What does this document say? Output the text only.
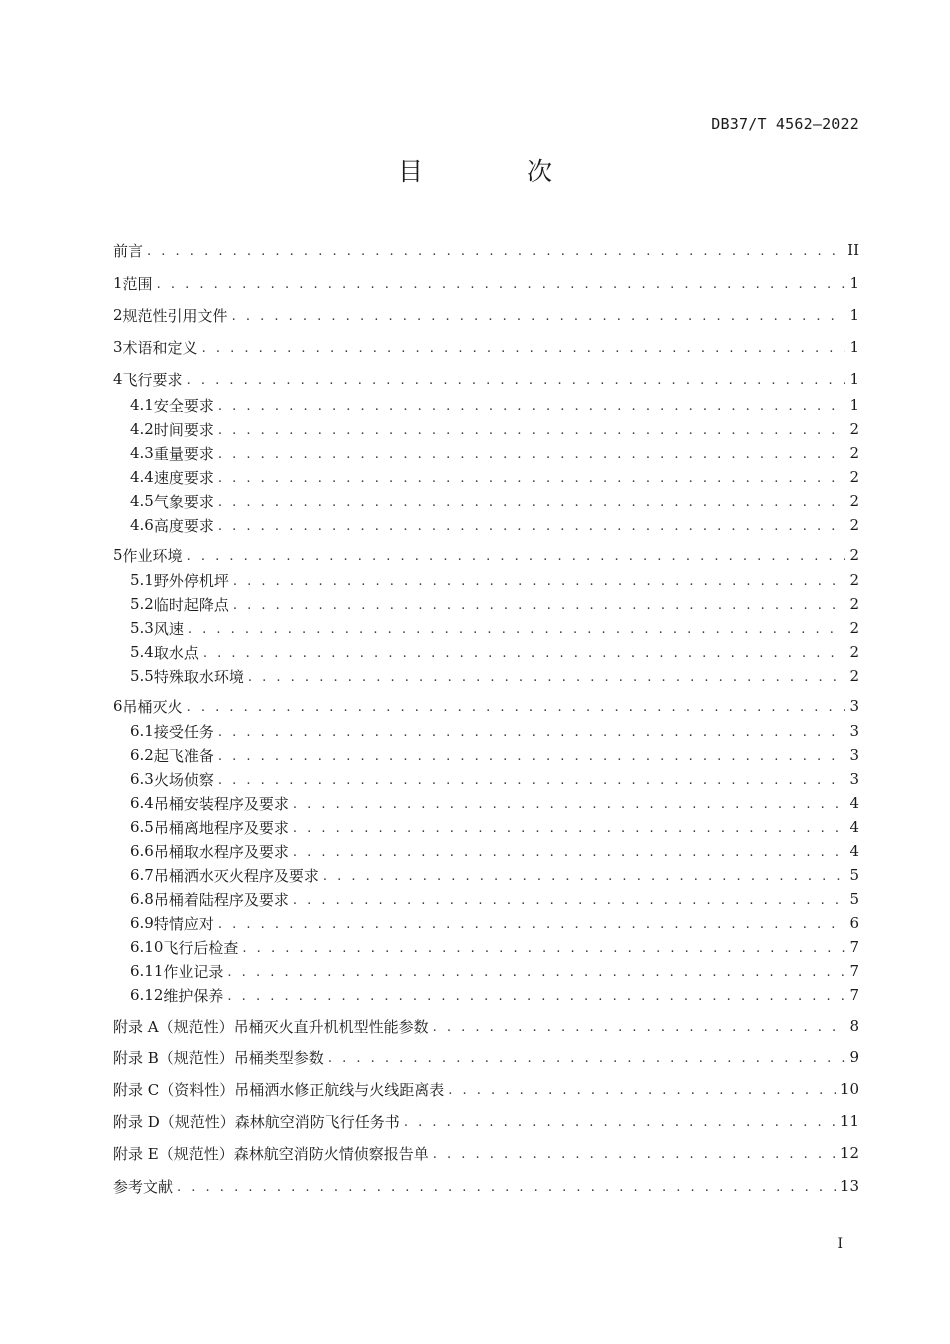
DB37/T 4562—2022
目 次
前言 . . .	II
1 范围 . . .	1
2 规范性引用文件 . . .	1
3 术语和定义 . . .	1
4 飞行要求 . . .	1
4.1 安全要求 . . .	1
4.2 时间要求 . . .	2
4.3 重量要求 . . .	2
4.4 速度要求 . . .	2
4.5 气象要求 . . .	2
4.6 高度要求 . . .	2
5 作业环境 . . .	2
5.1 野外停机坪 . . .	2
5.2 临时起降点 . . .	2
5.3 风速 . . .	2
5.4 取水点 . . .	2
5.5 特殊取水环境 . . .	2
6 吊桶灭火 . . .	3
6.1 接受任务 . . .	3
6.2 起飞准备 . . .	3
6.3 火场侦察 . . .	3
6.4 吊桶安装程序及要求 . . .	4
6.5 吊桶离地程序及要求 . . .	4
6.6 吊桶取水程序及要求 . . .	4
6.7 吊桶洒水灭火程序及要求 . . .	5
6.8 吊桶着陆程序及要求 . . .	5
6.9 特情应对 . . .	6
6.10 飞行后检查 . . .	7
6.11 作业记录 . . .	7
6.12 维护保养 . . .	7
附录 A（规范性） 吊桶灭火直升机机型性能参数 . . .	8
附录 B（规范性） 吊桶类型参数 . . .	9
附录 C（资料性） 吊桶洒水修正航线与火线距离表 . . .	10
附录 D（规范性） 森林航空消防飞行任务书 . . .	11
附录 E（规范性） 森林航空消防火情侦察报告单 . . .	12
参考文献 . . .	13
I
